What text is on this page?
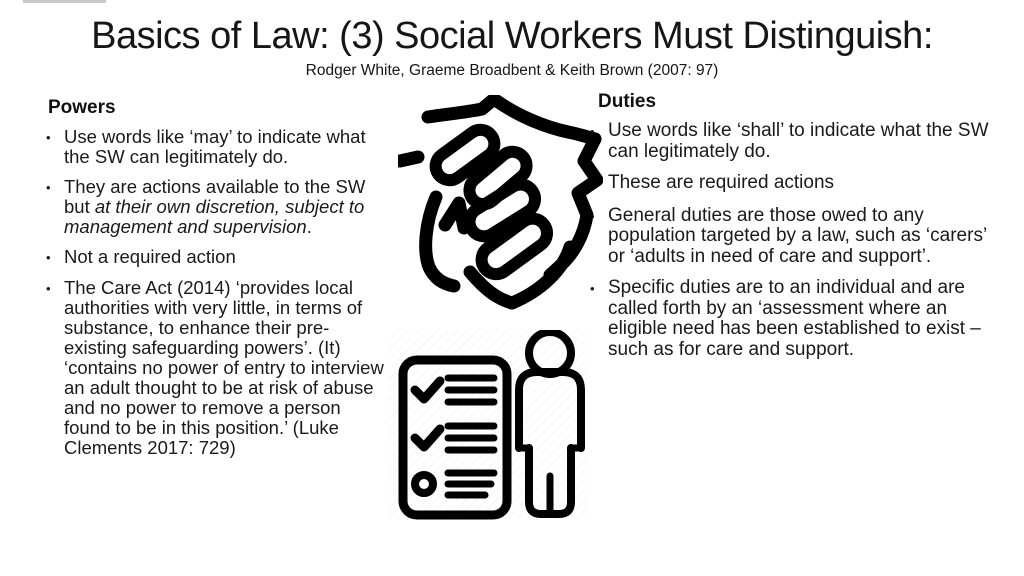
Basics of Law: (3) Social Workers Must Distinguish:
Rodger White, Graeme Broadbent & Keith Brown (2007: 97)
Powers
• Use words like ‘may’ to indicate what the SW can legitimately do.
• They are actions available to the SW but at their own discretion, subject to management and supervision.
• Not a required action
• The Care Act (2014) ‘provides local authorities with very little, in terms of substance, to enhance their pre-existing safeguarding powers’. (It) ‘contains no power of entry to interview an adult thought to be at risk of abuse and no power to remove a person found to be in this position.’ (Luke Clements 2017: 729)
Duties
• Use words like ‘shall’ to indicate what the SW can legitimately do.
• These are required actions
• General duties are those owed to any population targeted by a law, such as ‘carers’ or ‘adults in need of care and support’.
• Specific duties are to an individual and are called forth by an ‘assessment where an eligible need has been established to exist – such as for care and support.
